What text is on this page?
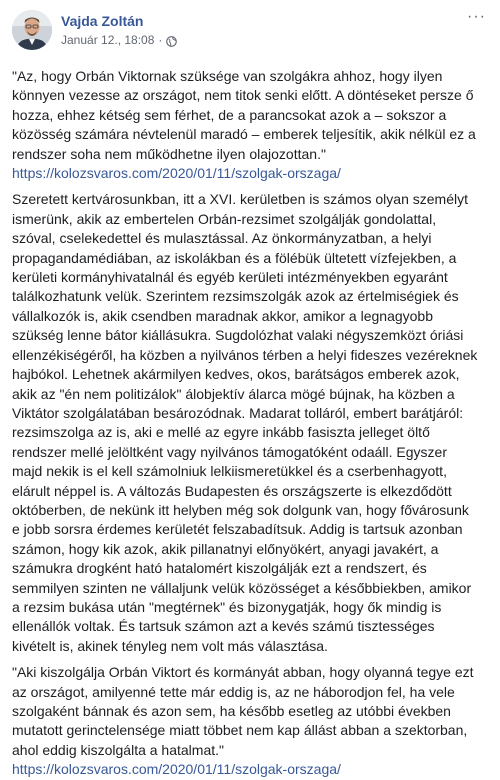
Vajda Zoltán
Január 12., 18:08 ·
···

"Az, hogy Orbán Viktornak szüksége van szolgákra ahhoz, hogy ilyen könnyen vezesse az országot, nem titok senki előtt. A döntéseket persze ő hozza, ehhez kétség sem férhet, de a parancsokat azok a – sokszor a közösség számára névtelenül maradó – emberek teljesítik, akik nélkül ez a rendszer soha nem működhetne ilyen olajozottan."
https://kolozsvaros.com/2020/01/11/szolgak-orszaga/

Szeretett kertvárosunkban, itt a XVI. kerületben is számos olyan személyt ismerünk, akik az embertelen Orbán-rezsimet szolgálják gondolattal, szóval, cselekedettel és mulasztással. Az önkormányzatban, a helyi propagandamédiában, az iskolákban és a fölébük ültetett vízfejekben, a kerületi kormányhivatalnál és egyéb kerületi intézményekben egyaránt találkozhatunk velük. Szerintem rezsimszolgák azok az értelmiségiek és vállalkozók is, akik csendben maradnak akkor, amikor a legnagyobb szükség lenne bátor kiállásukra. Sugdolózhat valaki négyszemközt óriási ellenzékiségéről, ha közben a nyilvános térben a helyi fideszes vezéreknek hajbókol. Lehetnek akármilyen kedves, okos, barátságos emberek azok, akik az "én nem politizálok" álobjektív álarca mögé bújnak, ha közben a Viktátor szolgálatában besározódnak. Madarat tolláról, embert barátjáról: rezsimszolga az is, aki e mellé az egyre inkább fasiszta jelleget öltő rendszer mellé jelöltként vagy nyilvános támogatóként odaáll. Egyszer majd nekik is el kell számolniuk lelkiismeretükkel és a cserbenhagyott, elárult néppel is. A változás Budapesten és országszerte is elkezdődött októberben, de nekünk itt helyben még sok dolgunk van, hogy fővárosunk e jobb sorsra érdemes kerületét felszabadítsuk. Addig is tartsuk azonban számon, hogy kik azok, akik pillanatnyi előnyökért, anyagi javakért, a számukra drogként ható hatalomért kiszolgálják ezt a rendszert, és semmilyen szinten ne vállaljunk velük közösséget a későbbiekben, amikor a rezsim bukása után "megtérnek" és bizonygatják, hogy ők mindig is ellenállók voltak. És tartsuk számon azt a kevés számú tisztességes kivételt is, akinek tényleg nem volt más választása.

"Aki kiszolgálja Orbán Viktort és kormányát abban, hogy olyanná tegye ezt az országot, amilyenné tette már eddig is, az ne háborodjon fel, ha vele szolgaként bánnak és azon sem, ha később esetleg az utóbbi években mutatott gerinctelensége miatt többet nem kap állást abban a szektorban, ahol eddig kiszolgálta a hatalmat."
https://kolozsvaros.com/2020/01/11/szolgak-orszaga/
